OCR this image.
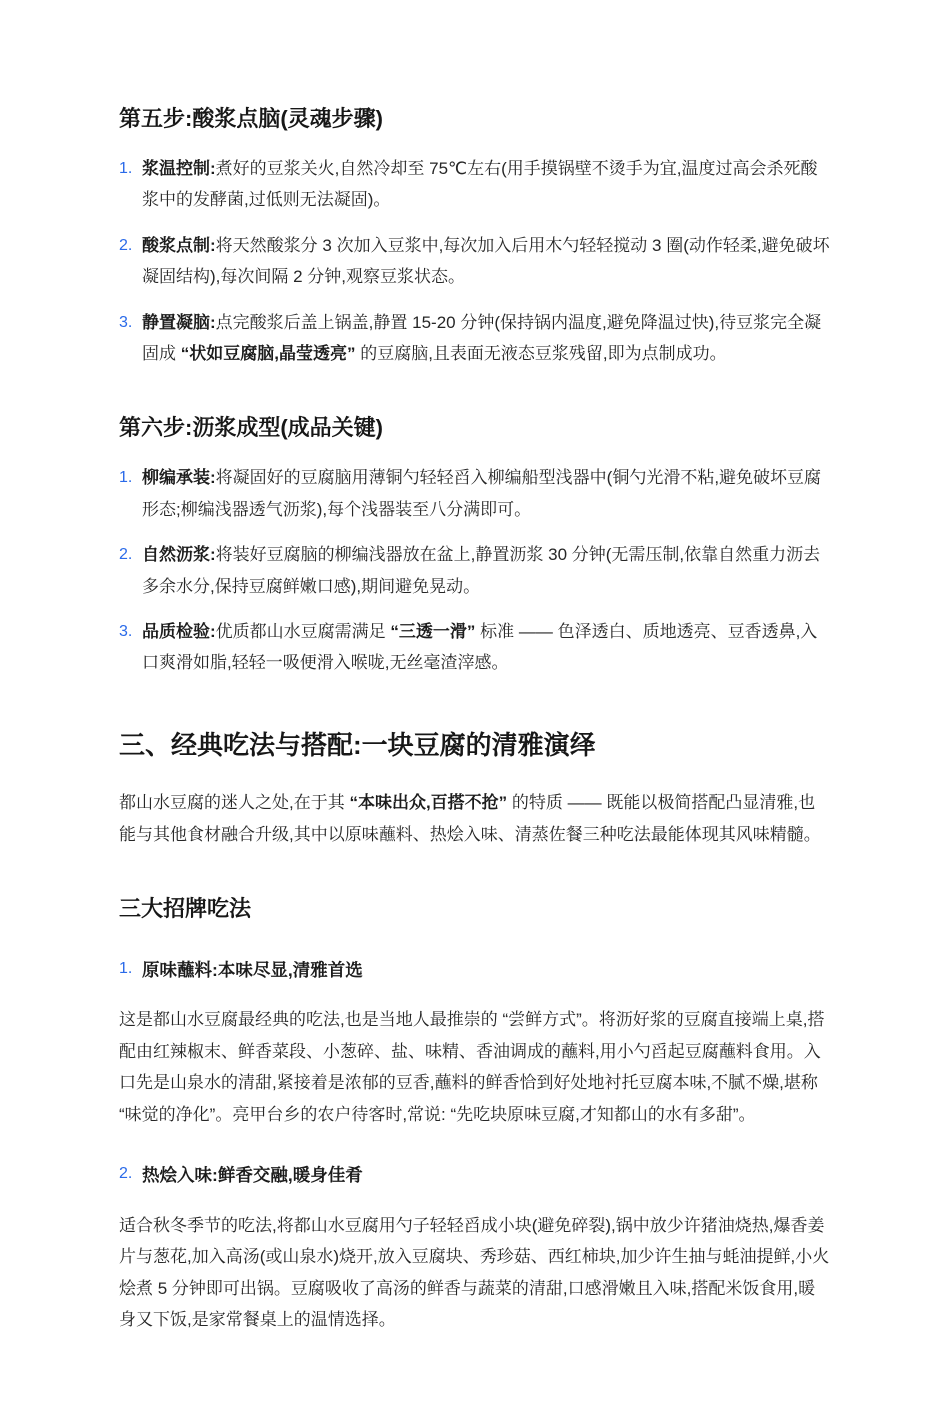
第五步:酸浆点脑(灵魂步骤)
1. 浆温控制:煮好的豆浆关火,自然冷却至 75℃左右(用手摸锅壁不烫手为宜,温度过高会杀死酸浆中的发酵菌,过低则无法凝固)。

2. 酸浆点制:将天然酸浆分 3 次加入豆浆中,每次加入后用木勺轻轻搅动 3 圈(动作轻柔,避免破坏凝固结构),每次间隔 2 分钟,观察豆浆状态。

3. 静置凝脑:点完酸浆后盖上锅盖,静置 15-20 分钟(保持锅内温度,避免降温过快),待豆浆完全凝固成 “状如豆腐脑,晶莹透亮” 的豆腐脑,且表面无液态豆浆残留,即为点制成功。

第六步:沥浆成型(成品关键)
1. 柳编承装:将凝固好的豆腐脑用薄铜勺轻轻舀入柳编船型浅器中(铜勺光滑不粘,避免破坏豆腐形态;柳编浅器透气沥浆),每个浅器装至八分满即可。

2. 自然沥浆:将装好豆腐脑的柳编浅器放在盆上,静置沥浆 30 分钟(无需压制,依靠自然重力沥去多余水分,保持豆腐鲜嫩口感),期间避免晃动。

3. 品质检验:优质都山水豆腐需满足 “三透一滑” 标准 —— 色泽透白、质地透亮、豆香透鼻,入口爽滑如脂,轻轻一吸便滑入喉咙,无丝毫渣滓感。

三、经典吃法与搭配:一块豆腐的清雅演绎

都山水豆腐的迷人之处,在于其 “本味出众,百搭不抢” 的特质 —— 既能以极简搭配凸显清雅,也能与其他食材融合升级,其中以原味蘸料、热烩入味、清蒸佐餐三种吃法最能体现其风味精髓。

三大招牌吃法
1. 原味蘸料:本味尽显,清雅首选

这是都山水豆腐最经典的吃法,也是当地人最推崇的 “尝鲜方式”。将沥好浆的豆腐直接端上桌,搭配由红辣椒末、鲜香菜段、小葱碎、盐、味精、香油调成的蘸料,用小勺舀起豆腐蘸料食用。入口先是山泉水的清甜,紧接着是浓郁的豆香,蘸料的鲜香恰到好处地衬托豆腐本味,不腻不燥,堪称 “味觉的净化”。亮甲台乡的农户待客时,常说: “先吃块原味豆腐,才知都山的水有多甜”。

2. 热烩入味:鲜香交融,暖身佳肴

适合秋冬季节的吃法,将都山水豆腐用勺子轻轻舀成小块(避免碎裂),锅中放少许猪油烧热,爆香姜片与葱花,加入高汤(或山泉水)烧开,放入豆腐块、秀珍菇、西红柿块,加少许生抽与蚝油提鲜,小火烩煮 5 分钟即可出锅。豆腐吸收了高汤的鲜香与蔬菜的清甜,口感滑嫩且入味,搭配米饭食用,暖身又下饭,是家常餐桌上的温情选择。
